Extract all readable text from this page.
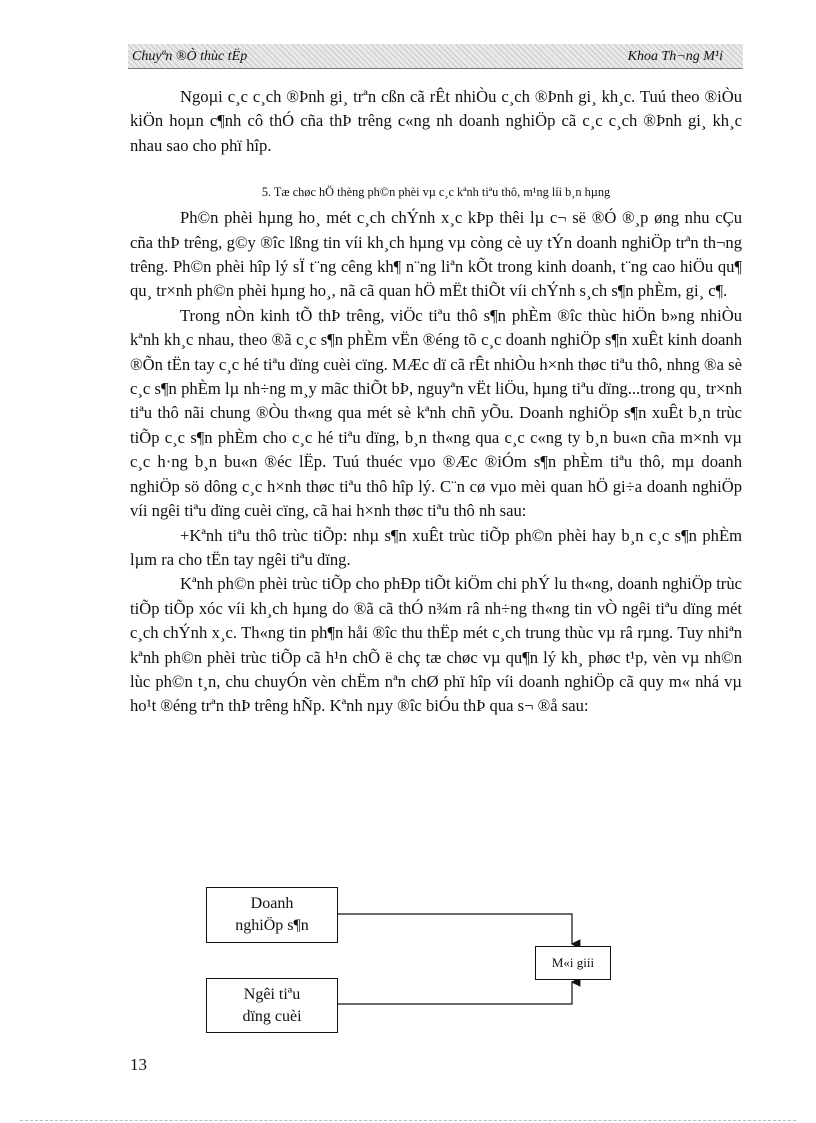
Chuyªn ®Ò thùc tËp	Khoa Th¬ng M¹i

Ngoµi c¸c c¸ch ®Þnh gi¸ trªn cßn cã rÊt nhiÒu c¸ch ®Þnh gi¸ kh¸c. Tuú theo ®iÒu kiÖn hoµn c¶nh cô thÓ cña thÞ trêng c«ng nh doanh nghiÖp cã c¸c c¸ch ®Þnh gi¸ kh¸c nhau sao cho phï hîp.

5. Tæ chøc hÖ thèng ph©n phèi vµ c¸c kªnh tiªu thô, m¹ng líi b¸n hµng

Ph©n phèi hµng ho¸ mét c¸ch chÝnh x¸c kÞp thêi lµ c¬ së ®Ó ®¸p øng nhu cÇu cña thÞ trêng, g©y ®îc lßng tin víi kh¸ch hµng vµ còng cè uy tÝn doanh nghiÖp trªn th¬ng trêng. Ph©n phèi hîp lý sÏ t¨ng cêng kh¶ n¨ng liªn kÕt trong kinh doanh, t¨ng cao hiÖu qu¶ qu¸ tr×nh ph©n phèi hµng ho¸, nã cã quan hÖ mËt thiÕt víi chÝnh s¸ch s¶n phÈm, gi¸ c¶.

Trong nÒn kinh tÕ thÞ trêng, viÖc tiªu thô s¶n phÈm ®îc thùc hiÖn b»ng nhiÒu kªnh kh¸c nhau, theo ®ã c¸c s¶n phÈm vËn ®éng tõ c¸c doanh nghiÖp s¶n xuÊt kinh doanh ®Õn tËn tay c¸c hé tiªu dïng cuèi cïng. MÆc dï cã rÊt nhiÒu h×nh thøc tiªu thô, nhng ®a sè c¸c s¶n phÈm lµ nh÷ng m¸y mãc thiÕt bÞ, nguyªn vËt liÖu, hµng tiªu dïng...trong qu¸ tr×nh tiªu thô nãi chung ®Òu th«ng qua mét sè kªnh chñ yÕu. Doanh nghiÖp s¶n xuÊt b¸n trùc tiÕp c¸c s¶n phÈm cho c¸c hé tiªu dïng, b¸n th«ng qua c¸c c«ng ty b¸n bu«n cña m×nh vµ c¸c h·ng b¸n bu«n ®éc lËp. Tuú thuéc vµo ®Æc ®iÓm s¶n phÈm tiªu thô, mµ doanh nghiÖp sö dông c¸c h×nh thøc tiªu thô hîp lý. C¨n cø vµo mèi quan hÖ gi÷a doanh nghiÖp víi ngêi tiªu dïng cuèi cïng, cã hai h×nh thøc tiªu thô nh sau:

+Kªnh tiªu thô trùc tiÕp: nhµ s¶n xuÊt trùc tiÕp ph©n phèi hay b¸n c¸c s¶n phÈm lµm ra cho tËn tay ngêi tiªu dïng.

Kªnh ph©n phèi trùc tiÕp cho phÐp tiÕt kiÖm chi phÝ lu th«ng, doanh nghiÖp trùc tiÕp tiÕp xóc víi kh¸ch hµng do ®ã cã thÓ n¾m râ nh÷ng th«ng tin vÒ ngêi tiªu dïng mét c¸ch chÝnh x¸c. Th«ng tin ph¶n håi ®îc thu thËp mét c¸ch trung thùc vµ râ rµng. Tuy nhiªn kªnh ph©n phèi trùc tiÕp cã h¹n chÕ ë chç tæ chøc vµ qu¶n lý kh¸ phøc t¹p, vèn vµ nh©n lùc ph©n t¸n, chu chuyÓn vèn chËm nªn chØ phï hîp víi doanh nghiÖp cã quy m« nhá vµ ho¹t ®éng trªn thÞ trêng hÑp. Kªnh nµy ®îc biÓu thÞ qua s¬ ®å sau:

Doanh
nghiÖp s¶n
Ngêi tiªu
dïng cuèi
M«i giíi
13
